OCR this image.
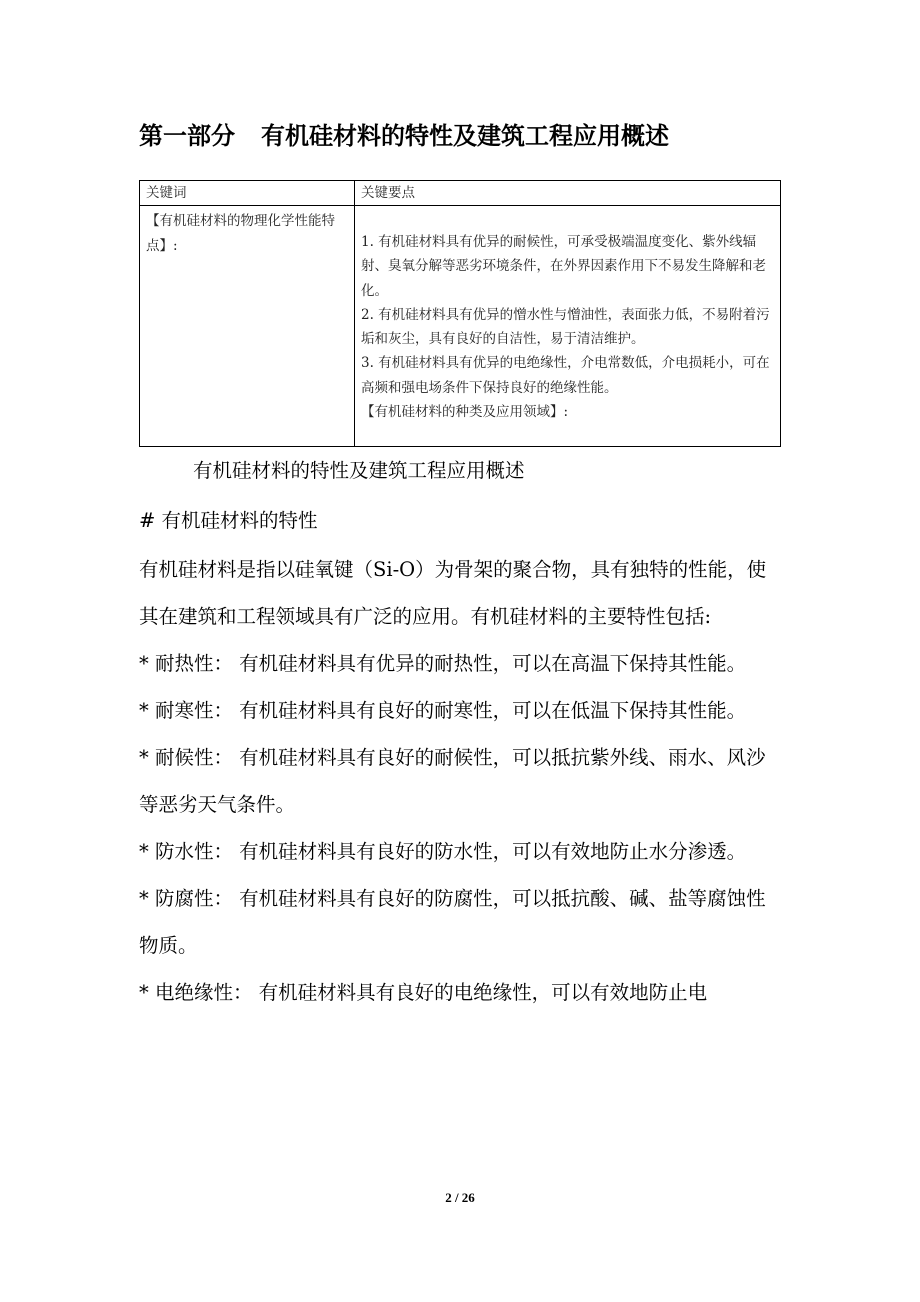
第一部分 有机硅材料的特性及建筑工程应用概述
关键词	关键要点

【有机硅材料的物理化学性能特点】:	1. 有机硅材料具有优异的耐候性，可承受极端温度变化、紫外线辐射、臭氧分解等恶劣环境条件，在外界因素作用下不易发生降解和老化。

2. 有机硅材料具有优异的憎水性与憎油性，表面张力低，不易附着污垢和灰尘，具有良好的自洁性，易于清洁维护。

3. 有机硅材料具有优异的电绝缘性，介电常数低，介电损耗小，可在高频和强电场条件下保持良好的绝缘性能。

【有机硅材料的种类及应用领域】:

有机硅材料的特性及建筑工程应用概述

# 有机硅材料的特性

有机硅材料是指以硅氧键（Si-O）为骨架的聚合物，具有独特的性能，使其在建筑和工程领域具有广泛的应用。有机硅材料的主要特性包括:

* 耐热性： 有机硅材料具有优异的耐热性，可以在高温下保持其性能。

* 耐寒性： 有机硅材料具有良好的耐寒性，可以在低温下保持其性能。

* 耐候性： 有机硅材料具有良好的耐候性，可以抵抗紫外线、雨水、风沙等恶劣天气条件。

* 防水性： 有机硅材料具有良好的防水性，可以有效地防止水分渗透。

* 防腐性： 有机硅材料具有良好的防腐性，可以抵抗酸、碱、盐等腐蚀性物质。

* 电绝缘性： 有机硅材料具有良好的电绝缘性，可以有效地防止电

2 / 26
